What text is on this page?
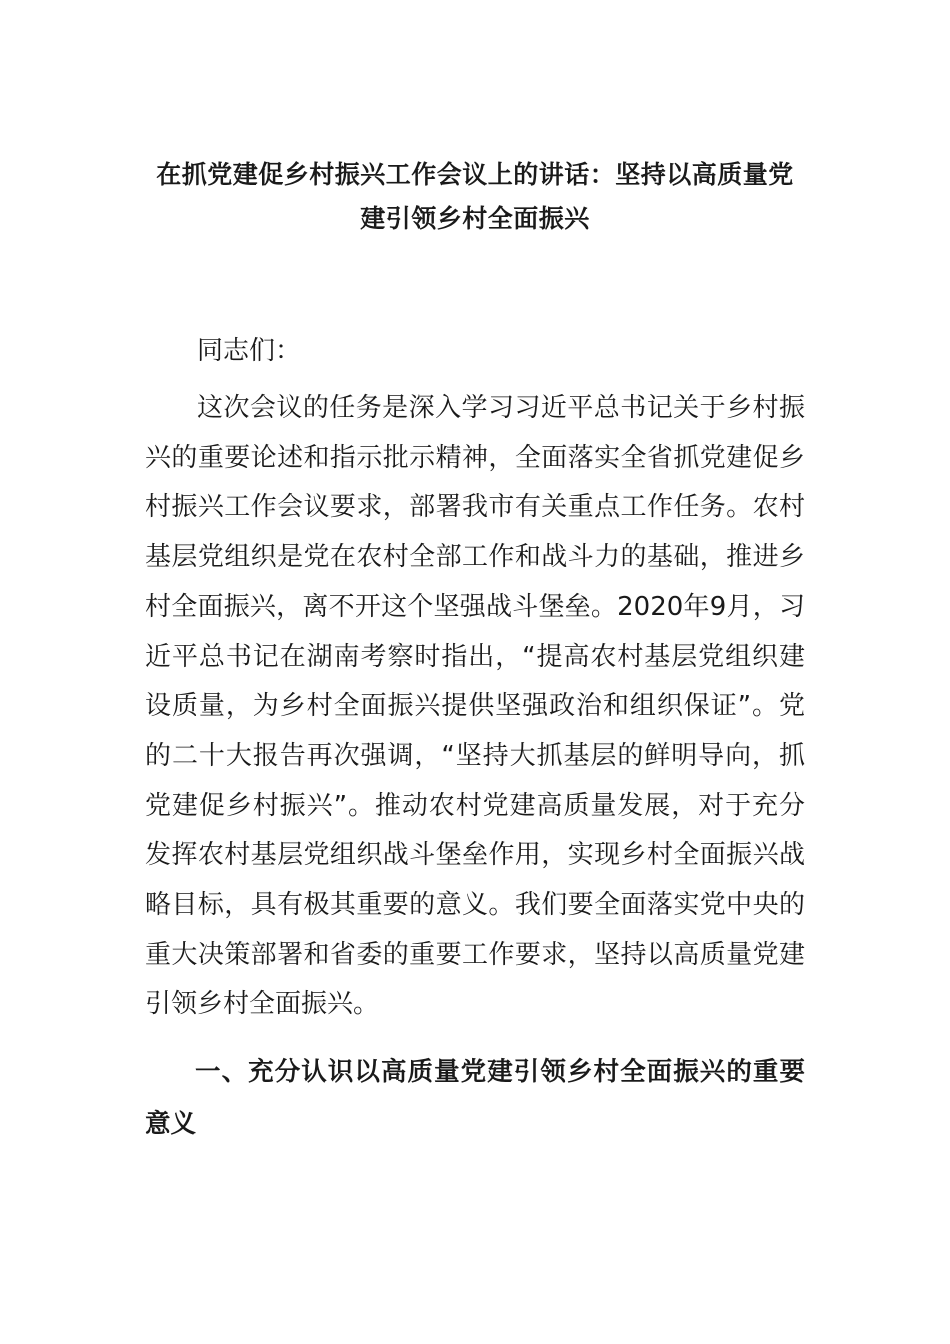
在抓党建促乡村振兴工作会议上的讲话：坚持以高质量党建引领乡村全面振兴

同志们：

这次会议的任务是深入学习习近平总书记关于乡村振兴的重要论述和指示批示精神，全面落实全省抓党建促乡村振兴工作会议要求，部署我市有关重点工作任务。农村基层党组织是党在农村全部工作和战斗力的基础，推进乡村全面振兴，离不开这个坚强战斗堡垒。2020年9月，习近平总书记在湖南考察时指出，“提高农村基层党组织建设质量，为乡村全面振兴提供坚强政治和组织保证”。党的二十大报告再次强调，“坚持大抓基层的鲜明导向，抓党建促乡村振兴”。推动农村党建高质量发展，对于充分发挥农村基层党组织战斗堡垒作用，实现乡村全面振兴战略目标，具有极其重要的意义。我们要全面落实党中央的重大决策部署和省委的重要工作要求，坚持以高质量党建引领乡村全面振兴。

一、充分认识以高质量党建引领乡村全面振兴的重要意义
